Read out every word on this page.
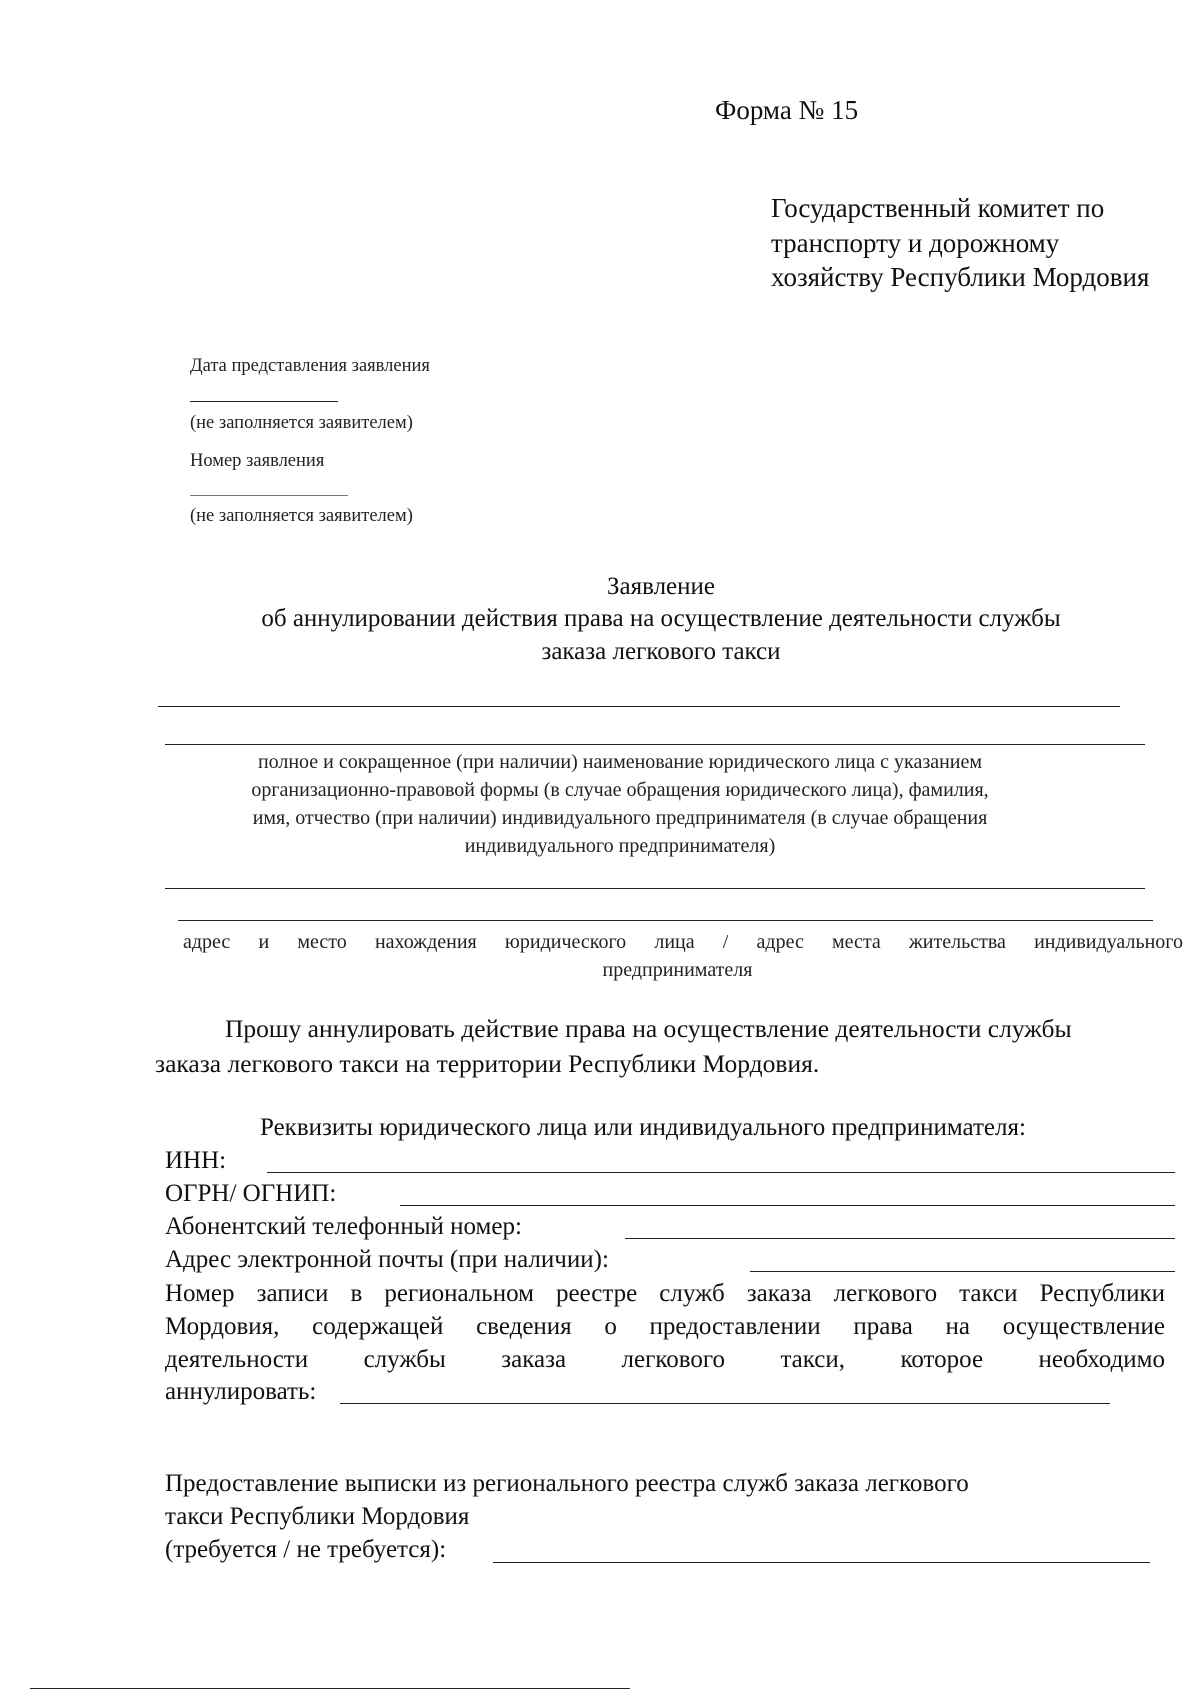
Форма № 15
Государственный комитет по
транспорту и дорожному
хозяйству Республики Мордовия
Дата представления заявления
(не заполняется заявителем)
Номер заявления
(не заполняется заявителем)
Заявление
об аннулировании действия права на осуществление деятельности службы
заказа легкового такси
полное и сокращенное (при наличии) наименование юридического лица с указанием
организационно-правовой формы (в случае обращения юридического лица), фамилия,
имя, отчество (при наличии) индивидуального предпринимателя (в случае обращения
индивидуального предпринимателя)
адрес и место нахождения юридического лица / адрес места жительства индивидуального
предпринимателя
Прошу аннулировать действие права на осуществление деятельности службы
заказа легкового такси на территории Республики Мордовия.
Реквизиты юридического лица или индивидуального предпринимателя:
ИНН:
ОГРН/ ОГНИП:
Абонентский телефонный номер:
Адрес электронной почты (при наличии):
Номер записи в региональном реестре служб заказа легкового такси Республики
Мордовия, содержащей сведения о предоставлении права на осуществление
деятельности службы заказа легкового такси, которое необходимо
аннулировать:
Предоставление выписки из регионального реестра служб заказа легкового
такси Республики Мордовия
(требуется / не требуется):
